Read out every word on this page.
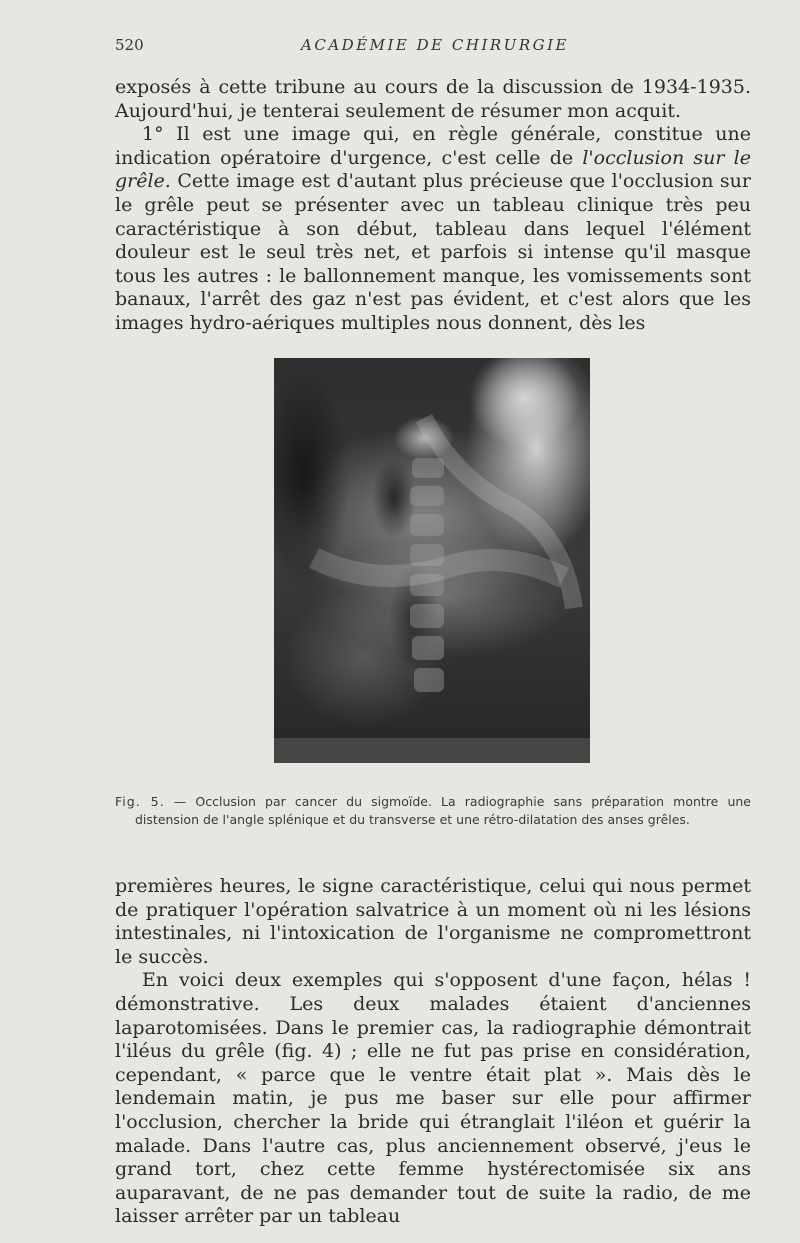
520	ACADÉMIE DE CHIRURGIE

exposés à cette tribune au cours de la discussion de 1934-1935. Aujourd'hui, je tenterai seulement de résumer mon acquit.

1° Il est une image qui, en règle générale, constitue une indication opératoire d'urgence, c'est celle de l'occlusion sur le grêle. Cette image est d'autant plus précieuse que l'occlusion sur le grêle peut se présenter avec un tableau clinique très peu caractéristique à son début, tableau dans lequel l'élément douleur est le seul très net, et parfois si intense qu'il masque tous les autres : le ballonnement manque, les vomissements sont banaux, l'arrêt des gaz n'est pas évident, et c'est alors que les images hydro-aériques multiples nous donnent, dès les

Fig. 5. — Occlusion par cancer du sigmoïde. La radiographie sans préparation montre une distension de l'angle splénique et du transverse et une rétro-dilatation des anses grêles.

premières heures, le signe caractéristique, celui qui nous permet de pratiquer l'opération salvatrice à un moment où ni les lésions intestinales, ni l'intoxication de l'organisme ne compromettront le succès.

En voici deux exemples qui s'opposent d'une façon, hélas ! démonstrative. Les deux malades étaient d'anciennes laparotomisées. Dans le premier cas, la radiographie démontrait l'iléus du grêle (fig. 4) ; elle ne fut pas prise en considération, cependant, « parce que le ventre était plat ». Mais dès le lendemain matin, je pus me baser sur elle pour affirmer l'occlusion, chercher la bride qui étranglait l'iléon et guérir la malade. Dans l'autre cas, plus anciennement observé, j'eus le grand tort, chez cette femme hystérectomisée six ans auparavant, de ne pas demander tout de suite la radio, de me laisser arrêter par un tableau
